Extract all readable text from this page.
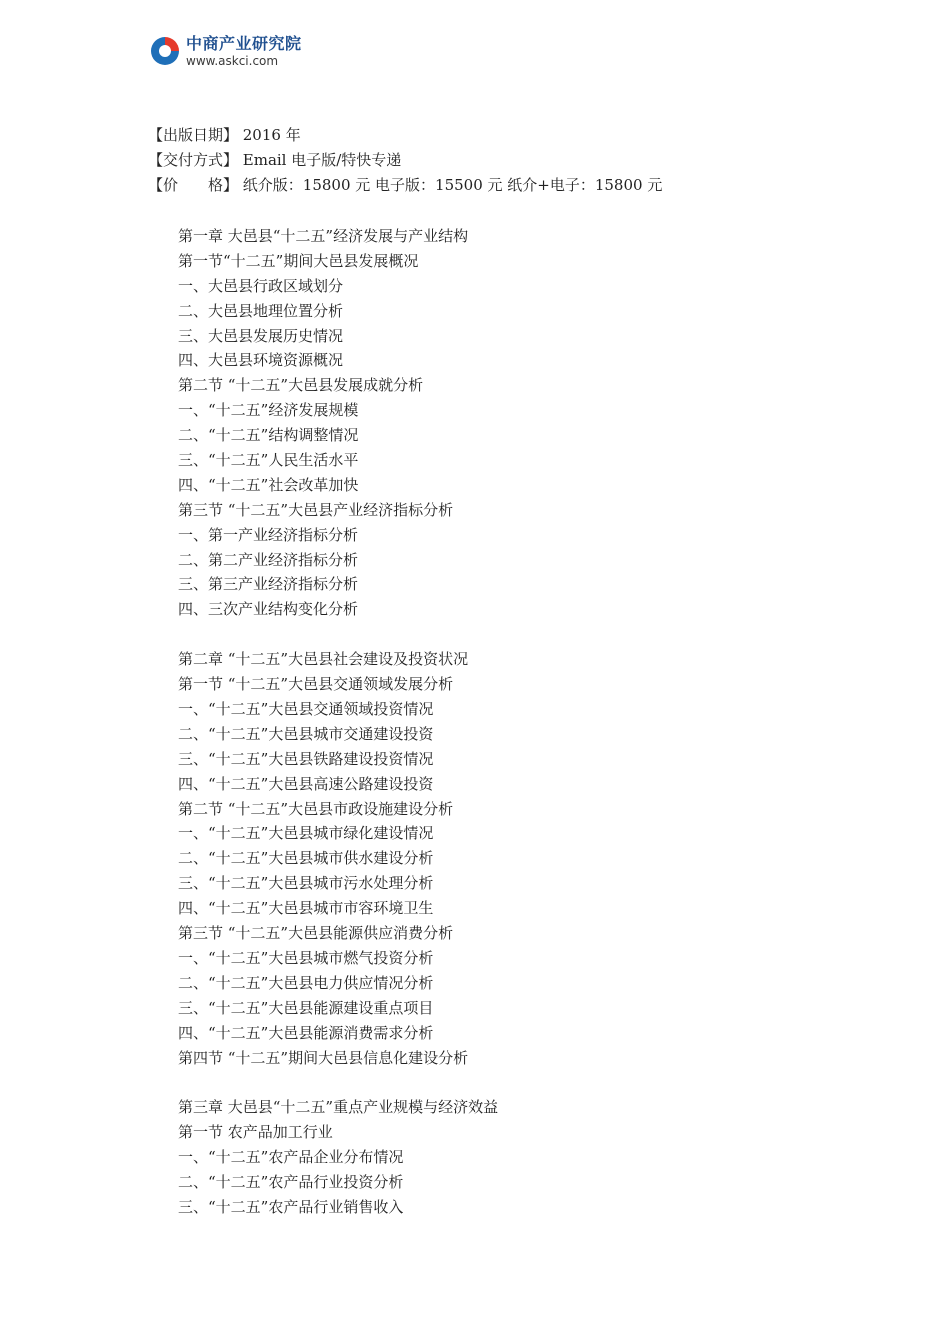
中商产业研究院
www.askci.com
【出版日期】 2016 年
【交付方式】 Email 电子版/特快专递
【价　　格】 纸介版：15800 元 电子版：15500 元 纸介+电子：15800 元
第一章 大邑县“十二五”经济发展与产业结构
第一节“十二五”期间大邑县发展概况
一、大邑县行政区域划分
二、大邑县地理位置分析
三、大邑县发展历史情况
四、大邑县环境资源概况
第二节 “十二五”大邑县发展成就分析
一、“十二五”经济发展规模
二、“十二五”结构调整情况
三、“十二五”人民生活水平
四、“十二五”社会改革加快
第三节 “十二五”大邑县产业经济指标分析
一、第一产业经济指标分析
二、第二产业经济指标分析
三、第三产业经济指标分析
四、三次产业结构变化分析
第二章 “十二五”大邑县社会建设及投资状况
第一节 “十二五”大邑县交通领域发展分析
一、“十二五”大邑县交通领域投资情况
二、“十二五”大邑县城市交通建设投资
三、“十二五”大邑县铁路建设投资情况
四、“十二五”大邑县高速公路建设投资
第二节 “十二五”大邑县市政设施建设分析
一、“十二五”大邑县城市绿化建设情况
二、“十二五”大邑县城市供水建设分析
三、“十二五”大邑县城市污水处理分析
四、“十二五”大邑县城市市容环境卫生
第三节 “十二五”大邑县能源供应消费分析
一、“十二五”大邑县城市燃气投资分析
二、“十二五”大邑县电力供应情况分析
三、“十二五”大邑县能源建设重点项目
四、“十二五”大邑县能源消费需求分析
第四节 “十二五”期间大邑县信息化建设分析
第三章 大邑县“十二五”重点产业规模与经济效益
第一节 农产品加工行业
一、“十二五”农产品企业分布情况
二、“十二五”农产品行业投资分析
三、“十二五”农产品行业销售收入
